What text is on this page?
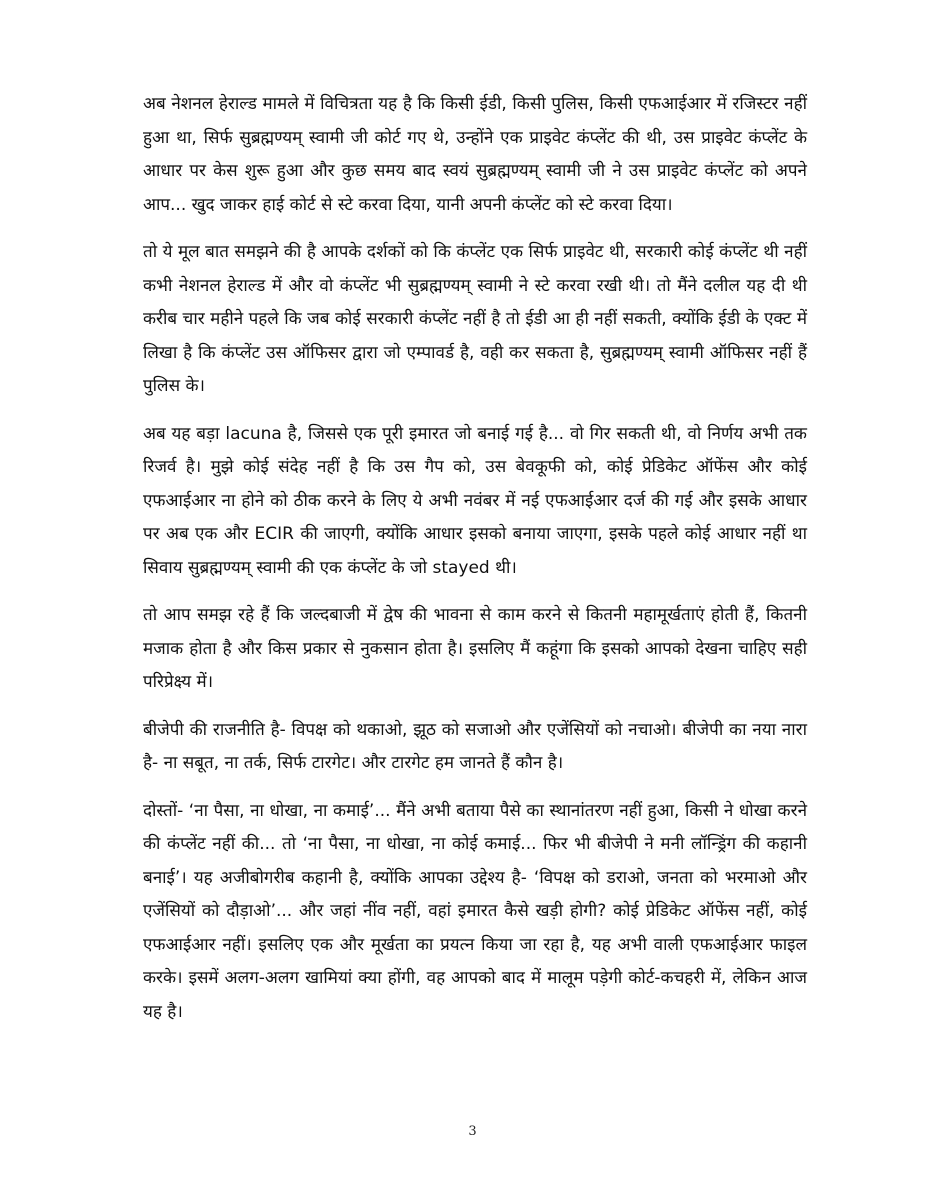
अब नेशनल हेराल्ड मामले में विचित्रता यह है कि किसी ईडी, किसी पुलिस, किसी एफआईआर में रजिस्टर नहीं हुआ था, सिर्फ सुब्रह्मण्यम् स्वामी जी कोर्ट गए थे, उन्होंने एक प्राइवेट कंप्लेंट की थी, उस प्राइवेट कंप्लेंट के आधार पर केस शुरू हुआ और कुछ समय बाद स्वयं सुब्रह्मण्यम् स्वामी जी ने उस प्राइवेट कंप्लेंट को अपने आप... खुद जाकर हाई कोर्ट से स्टे करवा दिया, यानी अपनी कंप्लेंट को स्टे करवा दिया।

तो ये मूल बात समझने की है आपके दर्शकों को कि कंप्लेंट एक सिर्फ प्राइवेट थी, सरकारी कोई कंप्लेंट थी नहीं कभी नेशनल हेराल्ड में और वो कंप्लेंट भी सुब्रह्मण्यम् स्वामी ने स्टे करवा रखी थी। तो मैंने दलील यह दी थी करीब चार महीने पहले कि जब कोई सरकारी कंप्लेंट नहीं है तो ईडी आ ही नहीं सकती, क्योंकि ईडी के एक्ट में लिखा है कि कंप्लेंट उस ऑफिसर द्वारा जो एम्पावर्ड है, वही कर सकता है, सुब्रह्मण्यम् स्वामी ऑफिसर नहीं हैं पुलिस के।

अब यह बड़ा lacuna है, जिससे एक पूरी इमारत जो बनाई गई है... वो गिर सकती थी, वो निर्णय अभी तक रिजर्व है। मुझे कोई संदेह नहीं है कि उस गैप को, उस बेवकूफी को, कोई प्रेडिकेट ऑफेंस और कोई एफआईआर ना होने को ठीक करने के लिए ये अभी नवंबर में नई एफआईआर दर्ज की गई और इसके आधार पर अब एक और ECIR की जाएगी, क्योंकि आधार इसको बनाया जाएगा, इसके पहले कोई आधार नहीं था सिवाय सुब्रह्मण्यम् स्वामी की एक कंप्लेंट के जो stayed थी।

तो आप समझ रहे हैं कि जल्दबाजी में द्वेष की भावना से काम करने से कितनी महामूर्खताएं होती हैं, कितनी मजाक होता है और किस प्रकार से नुकसान होता है। इसलिए मैं कहूंगा कि इसको आपको देखना चाहिए सही परिप्रेक्ष्य में।

बीजेपी की राजनीति है- विपक्ष को थकाओ, झूठ को सजाओ और एजेंसियों को नचाओ। बीजेपी का नया नारा है- ना सबूत, ना तर्क, सिर्फ टारगेट। और टारगेट हम जानते हैं कौन है।

दोस्तों- ‘ना पैसा, ना धोखा, ना कमाई’... मैंने अभी बताया पैसे का स्थानांतरण नहीं हुआ, किसी ने धोखा करने की कंप्लेंट नहीं की... तो ‘ना पैसा, ना धोखा, ना कोई कमाई... फिर भी बीजेपी ने मनी लॉन्ड्रिंग की कहानी बनाई’। यह अजीबोगरीब कहानी है, क्योंकि आपका उद्देश्य है- ‘विपक्ष को डराओ, जनता को भरमाओ और एजेंसियों को दौड़ाओ’... और जहां नींव नहीं, वहां इमारत कैसे खड़ी होगी? कोई प्रेडिकेट ऑफेंस नहीं, कोई एफआईआर नहीं। इसलिए एक और मूर्खता का प्रयत्न किया जा रहा है, यह अभी वाली एफआईआर फाइल करके। इसमें अलग-अलग खामियां क्या होंगी, वह आपको बाद में मालूम पड़ेगी कोर्ट-कचहरी में, लेकिन आज यह है।

3
